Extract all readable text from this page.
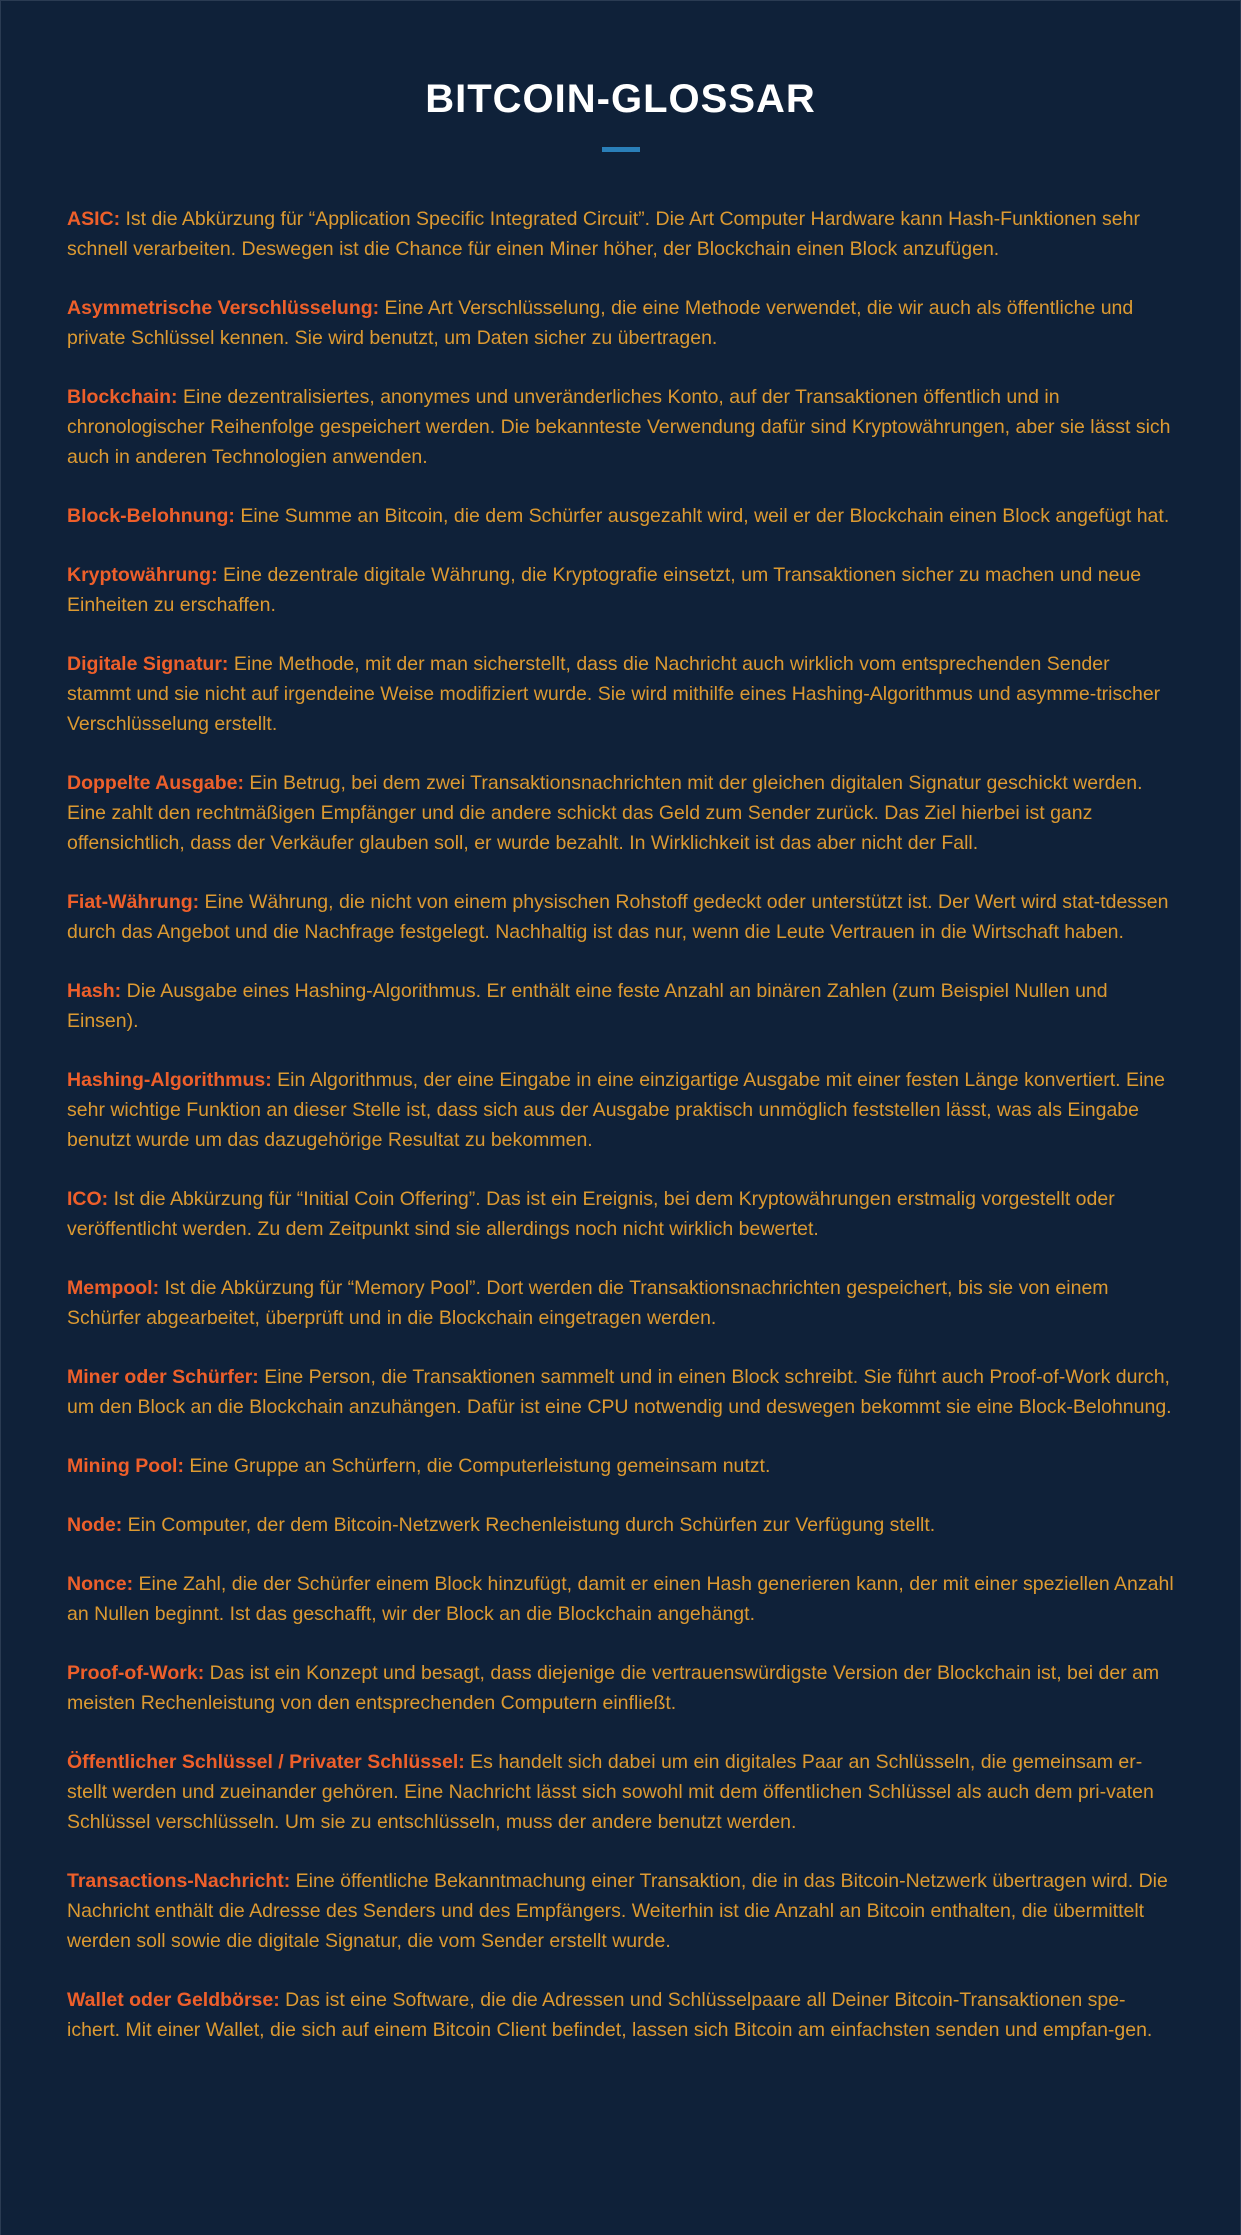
BITCOIN-GLOSSAR
ASIC: Ist die Abkürzung für “Application Specific Integrated Circuit”. Die Art Computer Hardware kann Hash-Funktionen sehr schnell verarbeiten. Deswegen ist die Chance für einen Miner höher, der Blockchain einen Block anzufügen.
Asymmetrische Verschlüsselung: Eine Art Verschlüsselung, die eine Methode verwendet, die wir auch als öffentliche und private Schlüssel kennen. Sie wird benutzt, um Daten sicher zu übertragen.
Blockchain: Eine dezentralisiertes, anonymes und unveränderliches Konto, auf der Transaktionen öffentlich und in chronologischer Reihenfolge gespeichert werden. Die bekannteste Verwendung dafür sind Kryptowährungen, aber sie lässt sich auch in anderen Technologien anwenden.
Block-Belohnung: Eine Summe an Bitcoin, die dem Schürfer ausgezahlt wird, weil er der Blockchain einen Block angefügt hat.
Kryptowährung: Eine dezentrale digitale Währung, die Kryptografie einsetzt, um Transaktionen sicher zu machen und neue Einheiten zu erschaffen.
Digitale Signatur: Eine Methode, mit der man sicherstellt, dass die Nachricht auch wirklich vom entsprechenden Sender stammt und sie nicht auf irgendeine Weise modifiziert wurde. Sie wird mithilfe eines Hashing-Algorithmus und asymme-trischer Verschlüsselung erstellt.
Doppelte Ausgabe: Ein Betrug, bei dem zwei Transaktionsnachrichten mit der gleichen digitalen Signatur geschickt werden. Eine zahlt den rechtmäßigen Empfänger und die andere schickt das Geld zum Sender zurück. Das Ziel hierbei ist ganz offensichtlich, dass der Verkäufer glauben soll, er wurde bezahlt. In Wirklichkeit ist das aber nicht der Fall.
Fiat-Währung: Eine Währung, die nicht von einem physischen Rohstoff gedeckt oder unterstützt ist. Der Wert wird stat-tdessen durch das Angebot und die Nachfrage festgelegt. Nachhaltig ist das nur, wenn die Leute Vertrauen in die Wirtschaft haben.
Hash: Die Ausgabe eines Hashing-Algorithmus. Er enthält eine feste Anzahl an binären Zahlen (zum Beispiel Nullen und Einsen).
Hashing-Algorithmus: Ein Algorithmus, der eine Eingabe in eine einzigartige Ausgabe mit einer festen Länge konvertiert. Eine sehr wichtige Funktion an dieser Stelle ist, dass sich aus der Ausgabe praktisch unmöglich feststellen lässt, was als Eingabe benutzt wurde um das dazugehörige Resultat zu bekommen.
ICO: Ist die Abkürzung für “Initial Coin Offering”. Das ist ein Ereignis, bei dem Kryptowährungen erstmalig vorgestellt oder veröffentlicht werden. Zu dem Zeitpunkt sind sie allerdings noch nicht wirklich bewertet.
Mempool: Ist die Abkürzung für “Memory Pool”. Dort werden die Transaktionsnachrichten gespeichert, bis sie von einem Schürfer abgearbeitet, überprüft und in die Blockchain eingetragen werden.
Miner oder Schürfer: Eine Person, die Transaktionen sammelt und in einen Block schreibt. Sie führt auch Proof-of-Work durch, um den Block an die Blockchain anzuhängen. Dafür ist eine CPU notwendig und deswegen bekommt sie eine Block-Belohnung.
Mining Pool: Eine Gruppe an Schürfern, die Computerleistung gemeinsam nutzt.
Node: Ein Computer, der dem Bitcoin-Netzwerk Rechenleistung durch Schürfen zur Verfügung stellt.
Nonce: Eine Zahl, die der Schürfer einem Block hinzufügt, damit er einen Hash generieren kann, der mit einer speziellen Anzahl an Nullen beginnt. Ist das geschafft, wir der Block an die Blockchain angehängt.
Proof-of-Work: Das ist ein Konzept und besagt, dass diejenige die vertrauenswürdigste Version der Blockchain ist, bei der am meisten Rechenleistung von den entsprechenden Computern einfließt.
Öffentlicher Schlüssel / Privater Schlüssel: Es handelt sich dabei um ein digitales Paar an Schlüsseln, die gemeinsam er-stellt werden und zueinander gehören. Eine Nachricht lässt sich sowohl mit dem öffentlichen Schlüssel als auch dem pri-vaten Schlüssel verschlüsseln. Um sie zu entschlüsseln, muss der andere benutzt werden.
Transactions-Nachricht: Eine öffentliche Bekanntmachung einer Transaktion, die in das Bitcoin-Netzwerk übertragen wird. Die Nachricht enthält die Adresse des Senders und des Empfängers. Weiterhin ist die Anzahl an Bitcoin enthalten, die übermittelt werden soll sowie die digitale Signatur, die vom Sender erstellt wurde.
Wallet oder Geldbörse: Das ist eine Software, die die Adressen und Schlüsselpaare all Deiner Bitcoin-Transaktionen spe-ichert. Mit einer Wallet, die sich auf einem Bitcoin Client befindet, lassen sich Bitcoin am einfachsten senden und empfan-gen.
